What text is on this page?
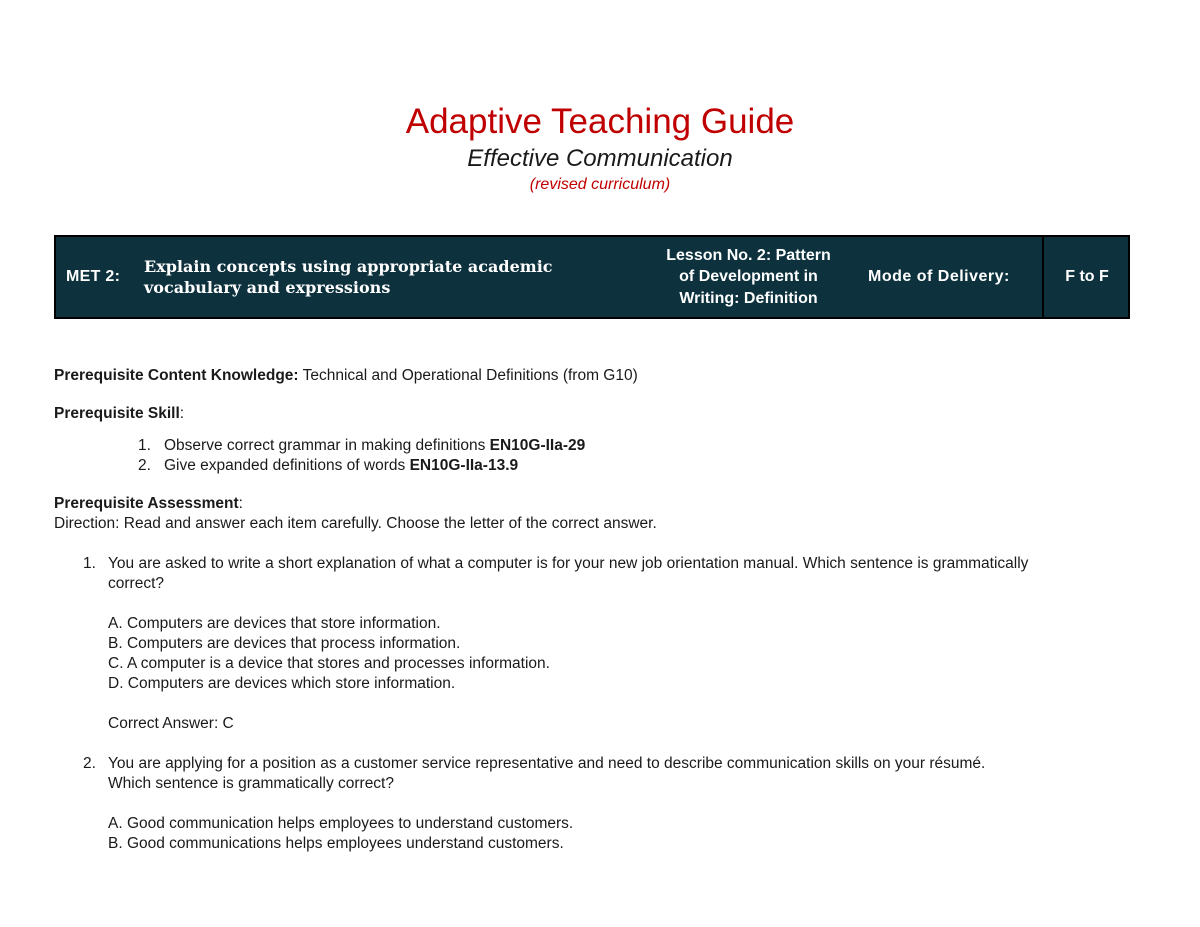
Adaptive Teaching Guide
Effective Communication
(revised curriculum)
MET 2:
Explain concepts using appropriate academic
vocabulary and expressions
Lesson No. 2: Pattern
of Development in
Writing: Definition
Mode of Delivery:	F to F

Prerequisite Content Knowledge: Technical and Operational Definitions (from G10)

Prerequisite Skill:

1. Observe correct grammar in making definitions EN10G-IIa-29
2. Give expanded definitions of words EN10G-IIa-13.9

Prerequisite Assessment:

Direction: Read and answer each item carefully. Choose the letter of the correct answer.

1. You are asked to write a short explanation of what a computer is for your new job orientation manual. Which sentence is grammatically
correct?
A. Computers are devices that store information.
B. Computers are devices that process information.
C. A computer is a device that stores and processes information.
D. Computers are devices which store information.
Correct Answer: C
2. You are applying for a position as a customer service representative and need to describe communication skills on your résumé.
Which sentence is grammatically correct?
A. Good communication helps employees to understand customers.
B. Good communications helps employees understand customers.
